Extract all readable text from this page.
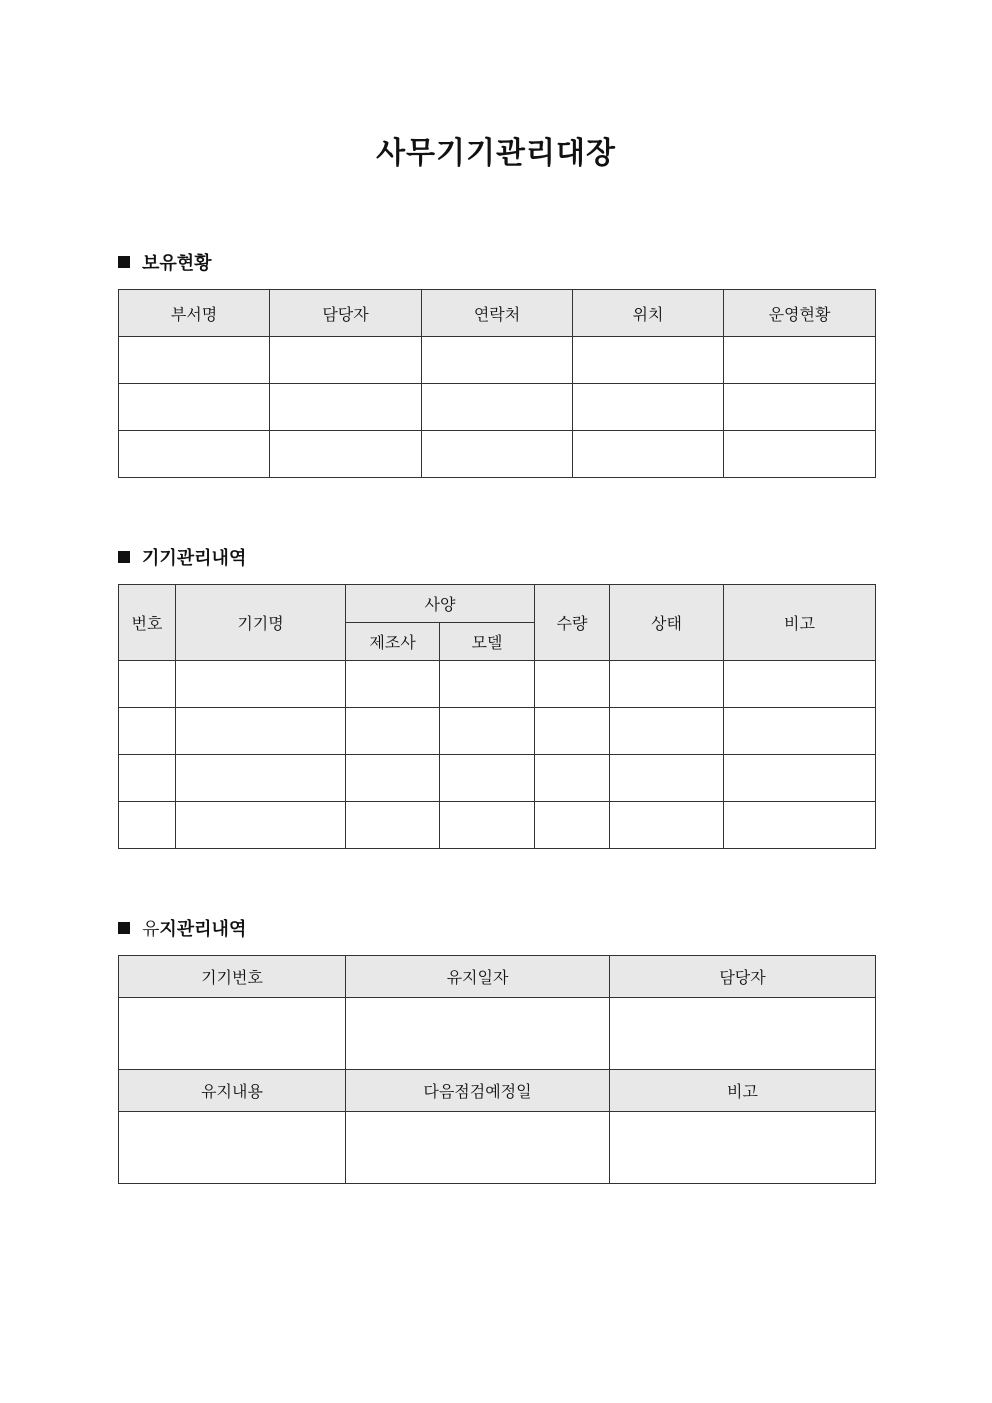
사무기기관리대장
보유현황
부서명	담당자	연락처	위치	운영현황

기기관리내역
번호	기기명	사양		수량	상태	비고
		제조사	모델			

유지관리내역
기기번호	유지일자	담당자

유지내용	다음점검예정일	비고
